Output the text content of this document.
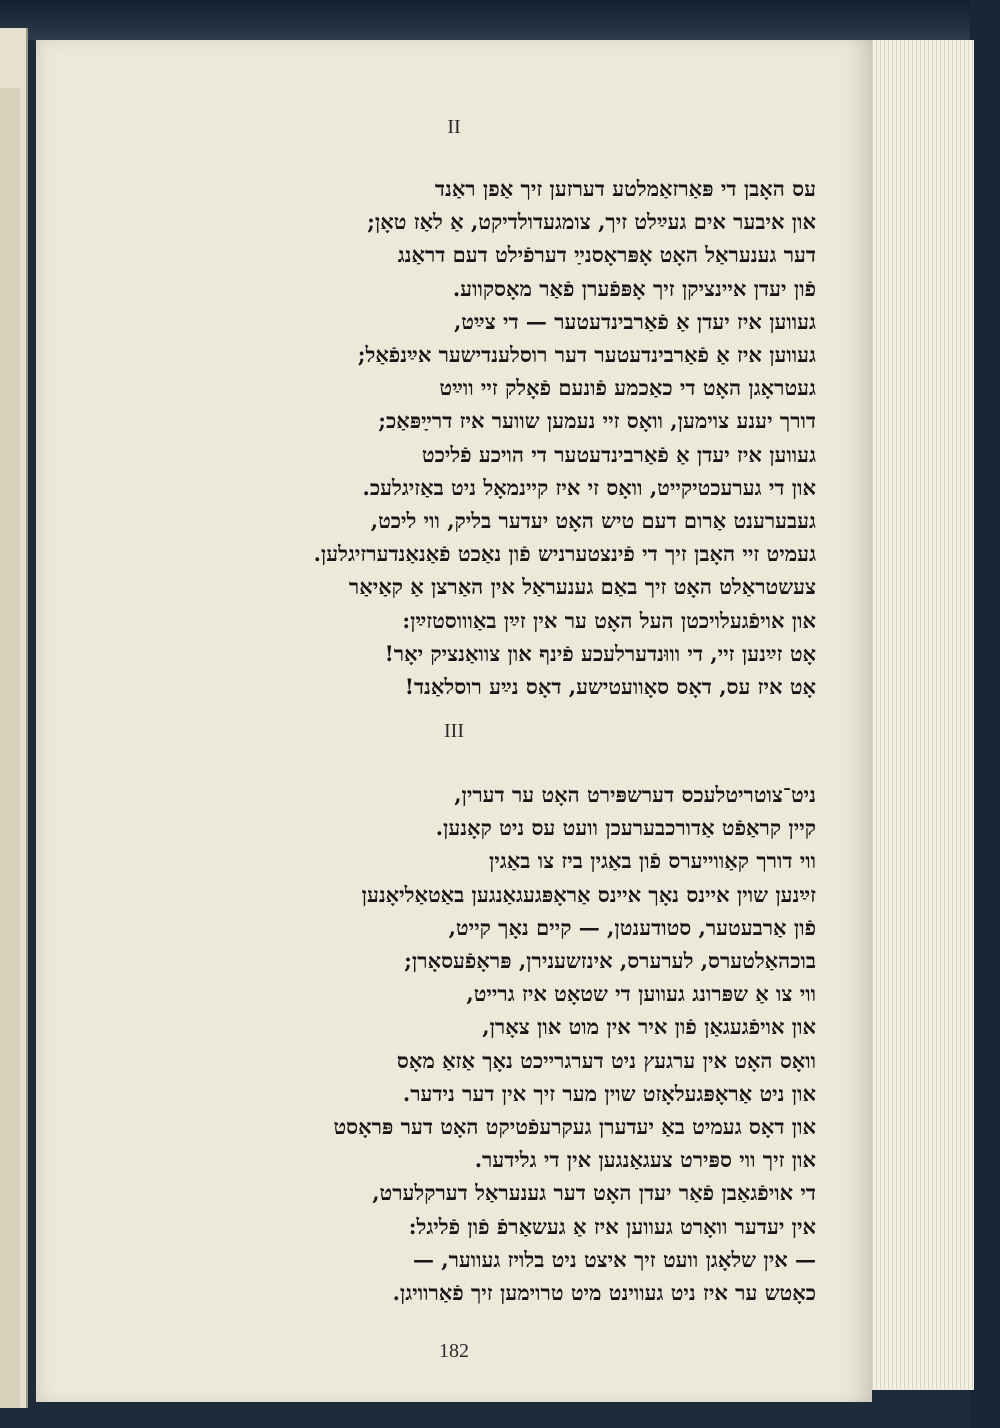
II
עס האָבן די פּאַרזאַמלטע דערזען זיך אַפן ראַנד
און איבער אים געײַלט זיך, צומגעדולדיקט, אַ לאַז טאָן;
דער גענעראַל האָט אָפּראָסנײַ דערפֿילט דעם דראַנג
פֿון יעדן איינציקן זיך אָפּפֿערן פֿאַר מאָסקווע.
געווען איז יעדן אַ פֿאַרבינדעטער — די צײַט,
געווען איז אַ פֿאַרבינדעטער דער רוסלענדישער אײַנפֿאַל;
געטראָגן האָט די כאַכמע פֿונעם פֿאָלק זיי ווײַט
דורך יענע צוימען, וואָס זיי נעמען שווער איז דרײַפּאַכ;
געווען איז יעדן אַ פֿאַרבינדעטער די הויכע פֿליכט
און די גערעכטיקייט, וואָס זי איז קיינמאָל ניט באַזיגלעכ.
געבערענט אַרום דעם טיש האָט יעדער בליק, ווי ליכט,
געמיט זיי האָבן זיך די פֿינצטערניש פֿון נאַכט פֿאַנאַנדערזיגלען.
צעשטראַלט האָט זיך באַם גענעראַל אין האַרצן אַ קאַיאַר
און אויפֿגעלויכטן העל האָט ער אין זײַן באַוווסטזײַן:
אָט זײַנען זיי, די וווּנדערלעכע פֿינף און צוואַנציק יאָר!
אָט איז עס, דאָס סאָוועטישע, דאָס נײַע רוסלאַנד!
III
ניט־צוטריטלעכס דערשפּירט האָט ער דערין,
קיין קראַפֿט אַדורכבערעכן וועט עס ניט קאָנען.
ווי דורך קאַווייערס פֿון באַגין ביז צו באַגין
זײַנען שוין איינס נאָך איינס אַראָפּגעגאַנגען באַטאַליאָנען
פֿון אַרבעטער, סטודענטן, — קיים נאָך קייט,
בוכהאַלטערס, לערערס, אינזשענירן, פּראָפֿעסאָרן;
ווי צו אַ שפּרונג געווען די שטאָט איז גרייט,
און אויפֿגעגאַן פֿון איר אין מוט און צאָרן,
וואָס האָט אין ערגעץ ניט דערגרייכט נאָך אַזאַ מאָס
און ניט אַראָפּגעלאָזט שוין מער זיך אין דער נידער.
און דאָס געמיט באַ יעדערן געקרעפֿטיקט האָט דער פּראָסט
און זיך ווי ספּירט צעגאַנגען אין די גלידער.
די אויפֿגאַבן פֿאַר יעדן האָט דער גענעראַל דערקלערט,
אין יעדער וואָרט געווען איז אַ געשאַרפֿ פֿון פֿליגל:
— אין שלאָגן וועט זיך איצט ניט בלויז געווער, —
כאָטש ער איז ניט געווינט מיט טרוימען זיך פֿאַרוויגן.
182
